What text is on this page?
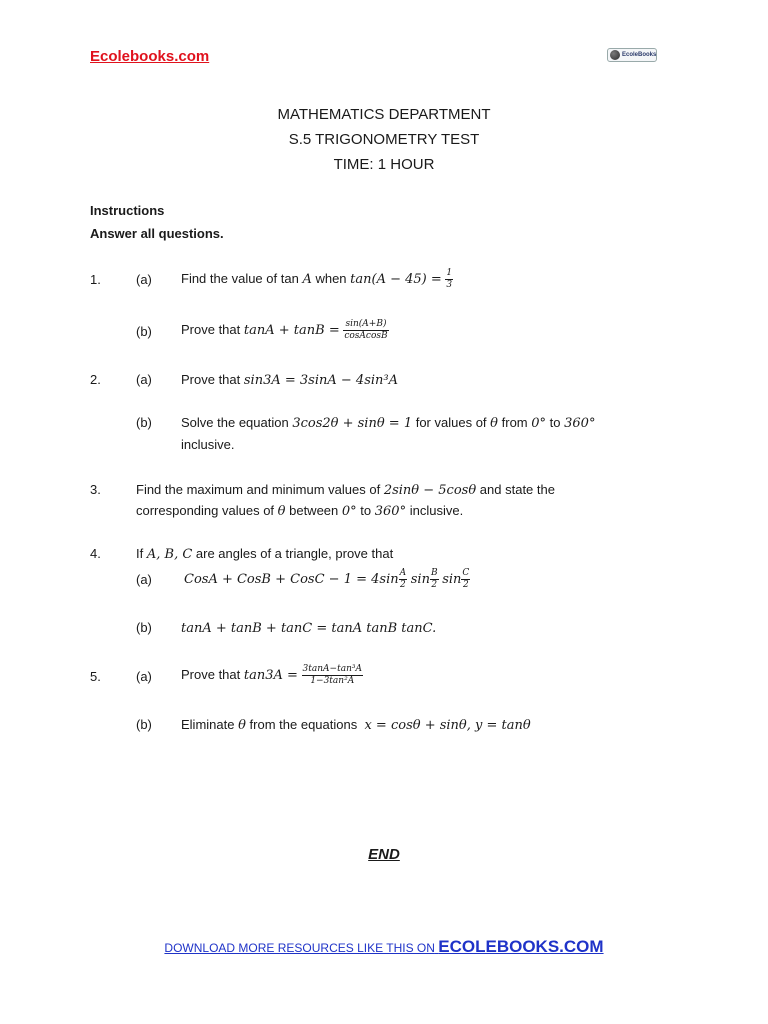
Ecolebooks.com	EcoleBooks
MATHEMATICS DEPARTMENT
S.5 TRIGONOMETRY TEST
TIME: 1 HOUR
Instructions
Answer all questions.
1.	(a) Find the value of tan A when $\tan(A - 45) = \frac{1}{3}$
(b) Prove that $\tan A + \tan B = \frac{\sin(A+B)}{\text{cosAcosB}}$
2.	(a) Prove that sin3A = 3sinA − 4sin³A
(b) Solve the equation 3cos2θ + sinθ = 1 for values of θ from 0° to 360°
inclusive.
3.	Find the maximum and minimum values of 2sinθ − 5cosθ and state the
corresponding values of θ between 0° to 360° inclusive.
4.	If A, B, C are angles of a triangle, prove that
(a) CosA + CosB + CosC − $1 = 4\sin \frac{A}{2}$ $\sin \frac{B}{2}$ $\sin \frac{C}{2}$
(b) tanA + tanB + tanC = tanA tanB tanC.
5.	(a) Prove that $\tan 3A = \frac{\text{3tanA−tan³A}}{\text{1−3tan²A}}$
(b) Eliminate θ from the equations x = cosθ + sinθ, y = tanθ
END
DOWNLOAD MORE RESOURCES LIKE THIS ON ECOLEBOOKS.COM
